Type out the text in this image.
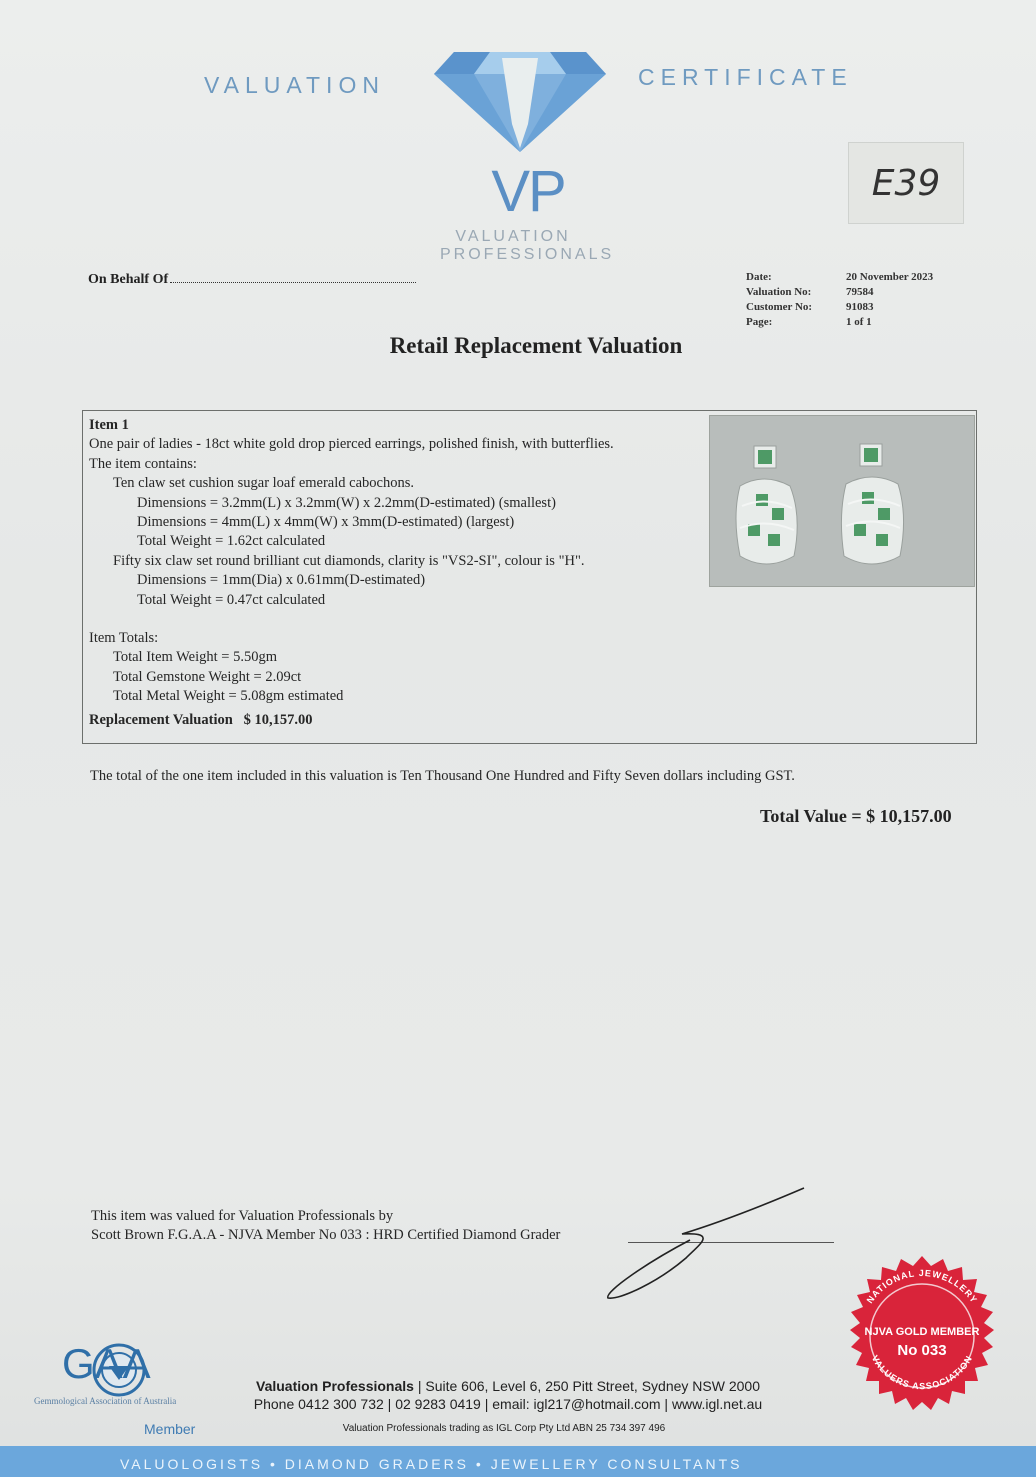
VALUATION	CERTIFICATE
VP
VALUATION
PROFESSIONALS
E39
On Behalf Of	Date:	20 November 2023
Valuation No:	79584
Customer No:	91083
Page:	1 of 1
Retail Replacement Valuation
Item 1
One pair of ladies - 18ct white gold drop pierced earrings, polished finish, with butterflies.
The item contains:
Ten claw set cushion sugar loaf emerald cabochons.
Dimensions = 3.2mm(L) x 3.2mm(W) x 2.2mm(D-estimated) (smallest)
Dimensions = 4mm(L) x 4mm(W) x 3mm(D-estimated) (largest)
Total Weight = 1.62ct calculated
Fifty six claw set round brilliant cut diamonds, clarity is "VS2-SI", colour is "H".
Dimensions = 1mm(Dia) x 0.61mm(D-estimated)
Total Weight = 0.47ct calculated
Item Totals:
Total Item Weight = 5.50gm
Total Gemstone Weight = 2.09ct
Total Metal Weight = 5.08gm estimated
Replacement Valuation   $ 10,157.00
The total of the one item included in this valuation is Ten Thousand One Hundred and Fifty Seven dollars including GST.
Total Value = $ 10,157.00
This item was valued for Valuation Professionals by
Scott Brown F.G.A.A - NJVA Member No 033 : HRD Certified Diamond Grader
GAA
Gemmological Association of Australia
Member
Valuation Professionals | Suite 606, Level 6, 250 Pitt Street, Sydney NSW 2000
Phone 0412 300 732 | 02 9283 0419 | email: igl217@hotmail.com | www.igl.net.au
Valuation Professionals trading as IGL Corp Pty Ltd ABN 25 734 397 496
VALUOLOGISTS • DIAMOND GRADERS • JEWELLERY CONSULTANTS
NATIONAL JEWELLERY
VALUERS ASSOCIATION
NJVA GOLD MEMBER
No 033
